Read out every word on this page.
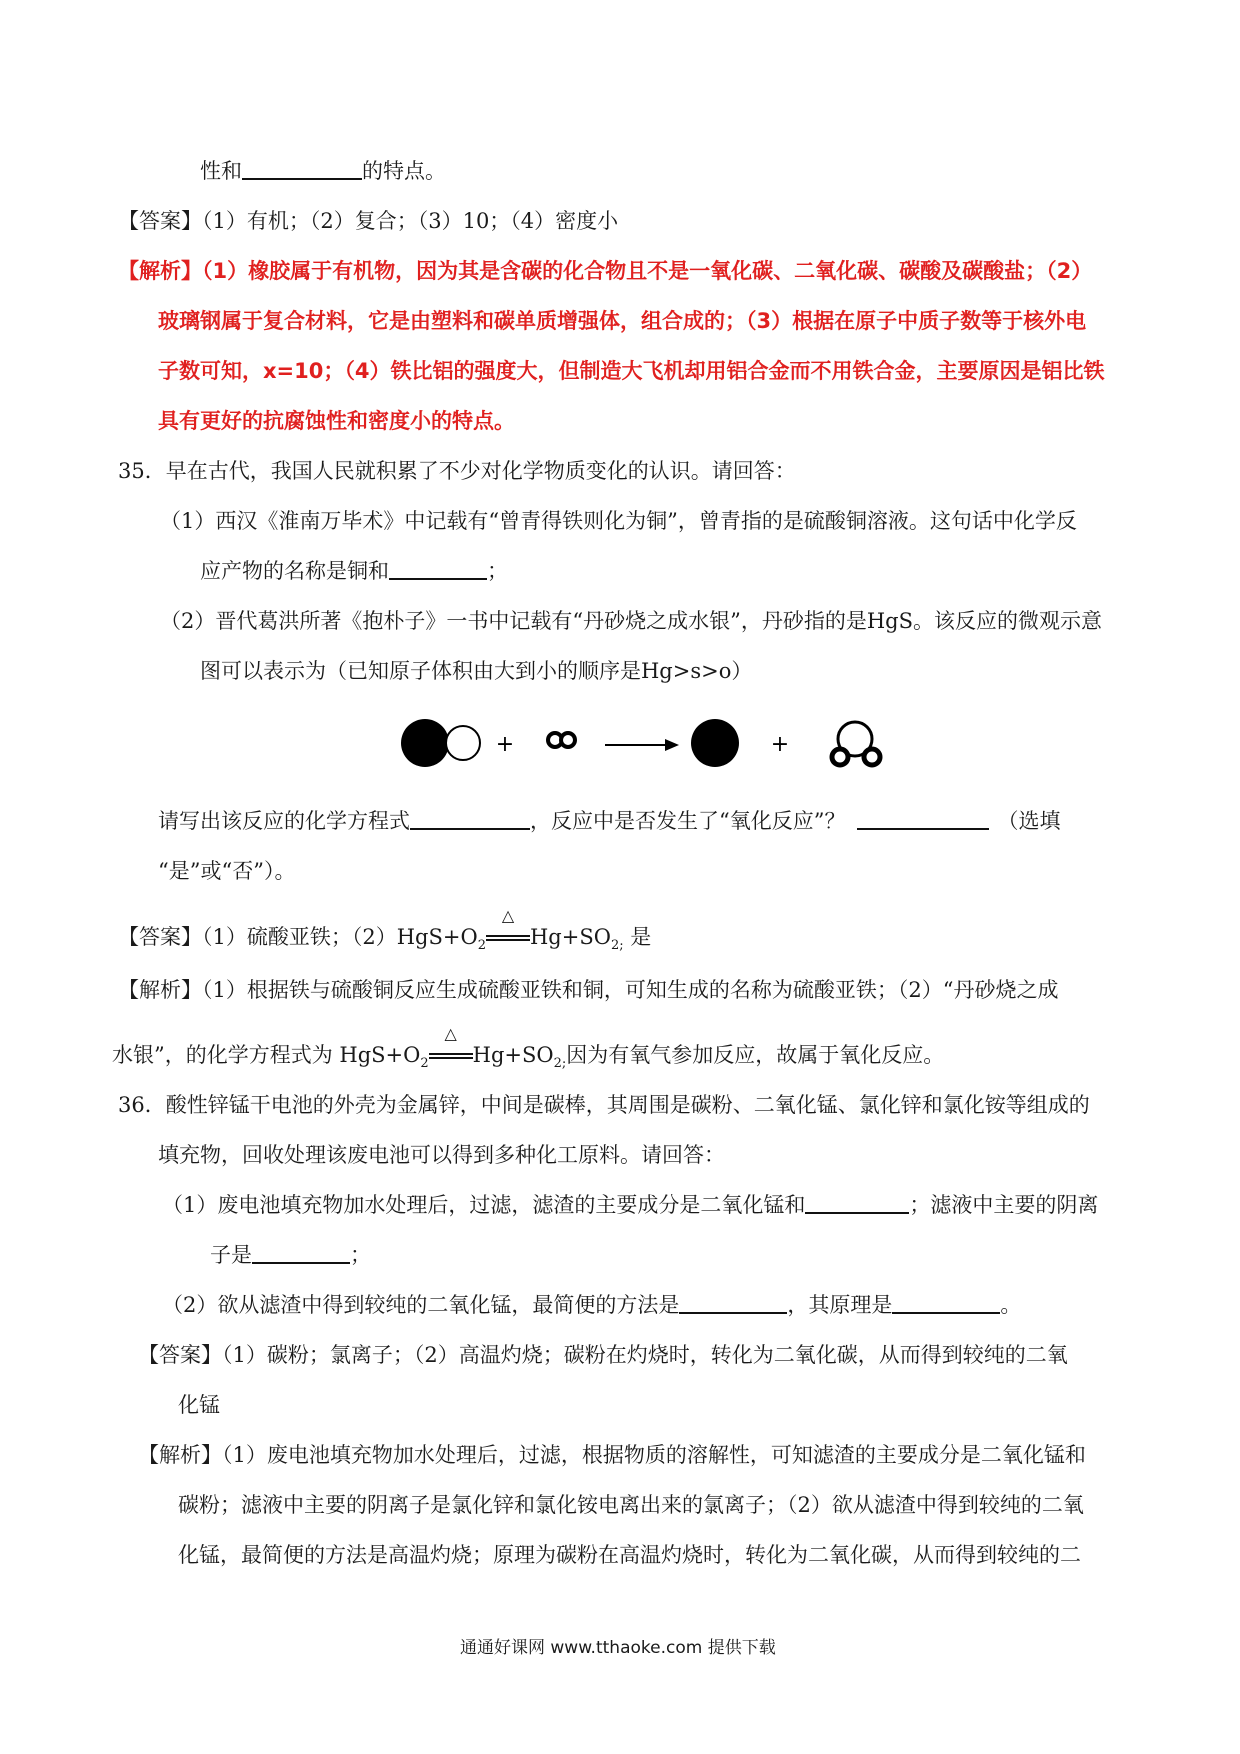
性和	的特点。
【答案】（1）有机；（2）复合；（3）10；（4）密度小
【解析】（1）橡胶属于有机物，因为其是含碳的化合物且不是一氧化碳、二氧化碳、碳酸及碳酸盐；（2）
玻璃钢属于复合材料，它是由塑料和碳单质增强体，组合成的；（3）根据在原子中质子数等于核外电
子数可知，x=10；（4）铁比铝的强度大，但制造大飞机却用铝合金而不用铁合金，主要原因是铝比铁
具有更好的抗腐蚀性和密度小的特点。
35．早在古代，我国人民就积累了不少对化学物质变化的认识。请回答：
（1）西汉《淮南万毕术》中记载有“曾青得铁则化为铜”，曾青指的是硫酸铜溶液。这句话中化学反
应产物的名称是铜和	；
（2）晋代葛洪所著《抱朴子》一书中记载有“丹砂烧之成水银”，丹砂指的是HgS。该反应的微观示意
图可以表示为（已知原子体积由大到小的顺序是Hg>s>o）
+	+
请写出该反应的化学方程式	，反应中是否发生了“氧化反应”？	（选填
“是”或“否”）。
【答案】（1）硫酸亚铁；$(2)HgS+O_2$
△
$Hg+SO_{2;}$ 是
【解析】（1）根据铁与硫酸铜反应生成硫酸亚铁和铜，可知生成的名称为硫酸亚铁；（2）“丹砂烧之成
水银”，的化学方程式为 $HgS+O_2$
△
$Hg+SO_{2;}$因为有氧气参加反应，故属于氧化反应。
36．酸性锌锰干电池的外壳为金属锌，中间是碳棒，其周围是碳粉、二氧化锰、氯化锌和氯化铵等组成的
填充物，回收处理该废电池可以得到多种化工原料。请回答：
（1）废电池填充物加水处理后，过滤，滤渣的主要成分是二氧化锰和	；滤液中主要的阴离
子是	；
（2）欲从滤渣中得到较纯的二氧化锰，最简便的方法是	，其原理是	。
【答案】（1）碳粉；氯离子；（2）高温灼烧；碳粉在灼烧时，转化为二氧化碳，从而得到较纯的二氧
化锰
【解析】（1）废电池填充物加水处理后，过滤，根据物质的溶解性，可知滤渣的主要成分是二氧化锰和
碳粉；滤液中主要的阴离子是氯化锌和氯化铵电离出来的氯离子；（2）欲从滤渣中得到较纯的二氧
化锰，最简便的方法是高温灼烧；原理为碳粉在高温灼烧时，转化为二氧化碳，从而得到较纯的二
通通好课网 www.tthaoke.com 提供下载
